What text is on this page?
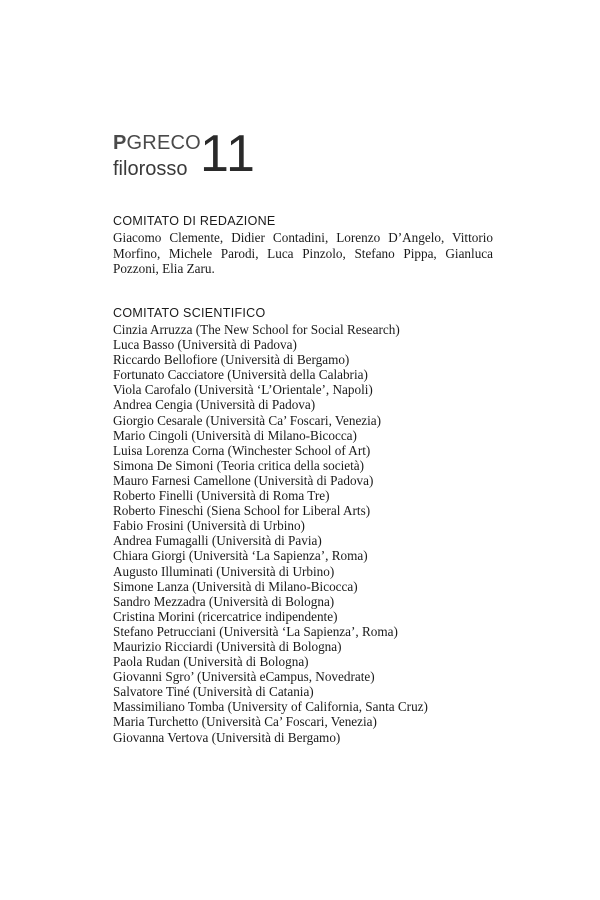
PGRECO
filorosso 11
COMITATO DI REDAZIONE

Giacomo Clemente, Didier Contadini, Lorenzo D’Angelo, Vittorio Morfino, Michele Parodi, Luca Pinzolo, Stefano Pippa, Gianluca Pozzoni, Elia Zaru.

COMITATO SCIENTIFICO
Cinzia Arruzza (The New School for Social Research)
Luca Basso (Università di Padova)
Riccardo Bellofiore (Università di Bergamo)
Fortunato Cacciatore (Università della Calabria)
Viola Carofalo (Università ‘L’Orientale’, Napoli)
Andrea Cengia (Università di Padova)
Giorgio Cesarale (Università Ca’ Foscari, Venezia)
Mario Cingoli (Università di Milano-Bicocca)
Luisa Lorenza Corna (Winchester School of Art)
Simona De Simoni (Teoria critica della società)
Mauro Farnesi Camellone (Università di Padova)
Roberto Finelli (Università di Roma Tre)
Roberto Fineschi (Siena School for Liberal Arts)
Fabio Frosini (Università di Urbino)
Andrea Fumagalli (Università di Pavia)
Chiara Giorgi (Università ‘La Sapienza’, Roma)
Augusto Illuminati (Università di Urbino)
Simone Lanza (Università di Milano-Bicocca)
Sandro Mezzadra (Università di Bologna)
Cristina Morini (ricercatrice indipendente)
Stefano Petrucciani (Università ‘La Sapienza’, Roma)
Maurizio Ricciardi (Università di Bologna)
Paola Rudan (Università di Bologna)
Giovanni Sgro’ (Università eCampus, Novedrate)
Salvatore Tiné (Università di Catania)
Massimiliano Tomba (University of California, Santa Cruz)
Maria Turchetto (Università Ca’ Foscari, Venezia)
Giovanna Vertova (Università di Bergamo)
